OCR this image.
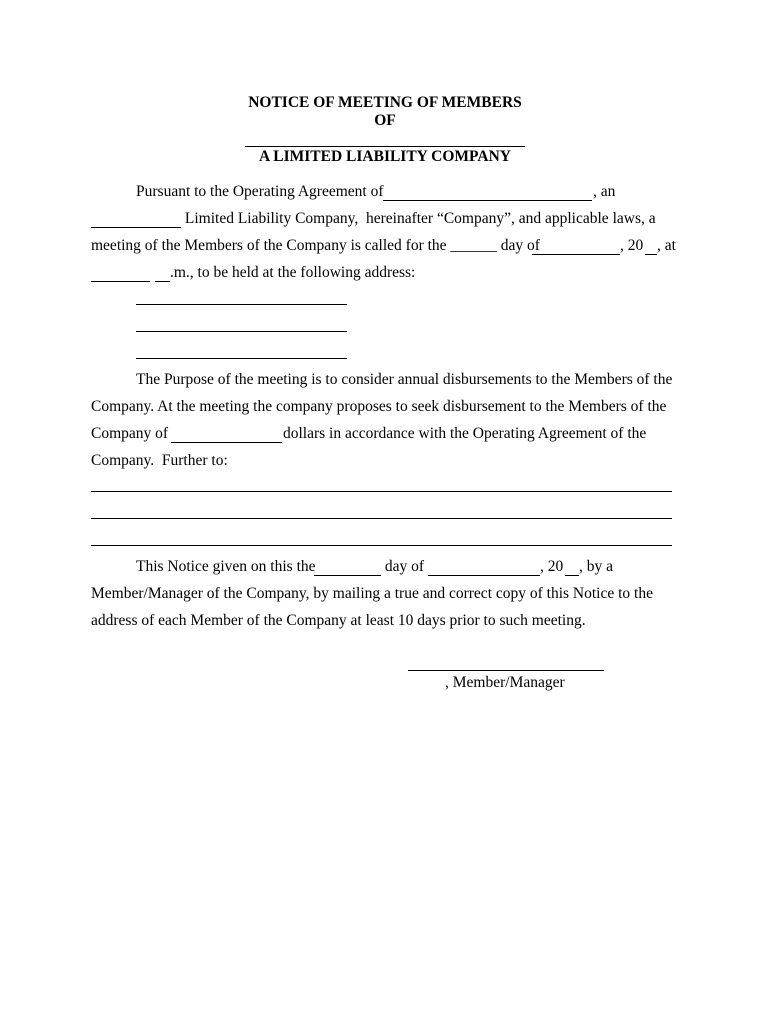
NOTICE OF MEETING OF MEMBERS
OF
A LIMITED LIABILITY COMPANY
Pursuant to the Operating Agreement of	, an
Limited Liability Company,  hereinafter “Company”, and applicable laws, a
meeting of the Members of the Company is called for the ______ day of	, 20 , at
.m., to be held at the following address:
The Purpose of the meeting is to consider annual disbursements to the Members of the
Company. At the meeting the company proposes to seek disbursement to the Members of the
Company of	dollars in accordance with the Operating Agreement of the
Company.  Further to:
This Notice given on this the	day of	, 20 , by a
Member/Manager of the Company, by mailing a true and correct copy of this Notice to the
address of each Member of the Company at least 10 days prior to such meeting.
, Member/Manager
